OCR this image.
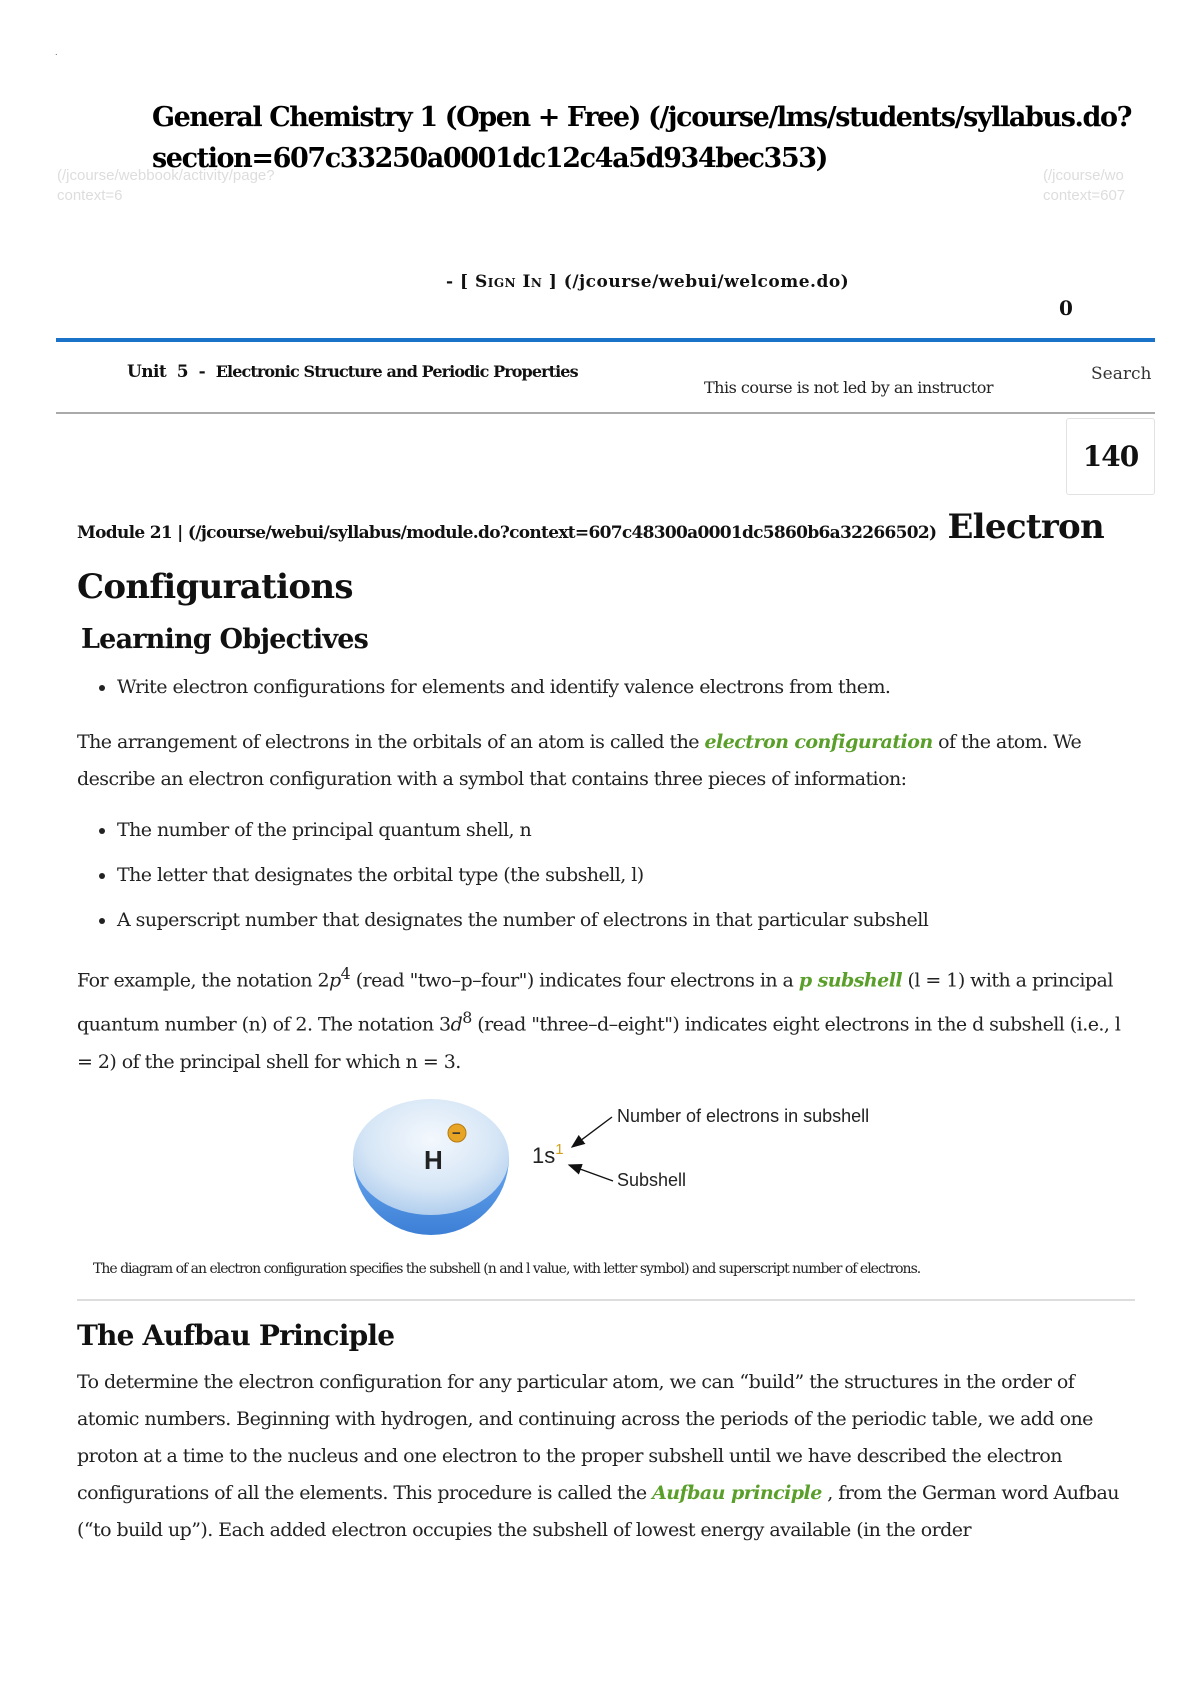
.
(/jcourse/webbook/activity/page?
context=6
(/jcourse/wo
context=607
General Chemistry 1 (Open + Free) (/jcourse/lms/students/syllabus.do?section=607c33250a0001dc12c4a5d934bec353)
- [ Sign In ] (/jcourse/webui/welcome.do)
0
Unit 5 - Electronic Structure and Periodic Properties
This course is not led by an instructor
Search
140
Module 21 | (/jcourse/webui/syllabus/module.do?context=607c48300a0001dc5860b6a32266502) Electron Configurations
Learning Objectives
• Write electron configurations for elements and identify valence electrons from them.

The arrangement of electrons in the orbitals of an atom is called the electron configuration of the atom. We describe an electron configuration with a symbol that contains three pieces of information:

• The number of the principal quantum shell, n
• The letter that designates the orbital type (the subshell, l)
• A superscript number that designates the number of electrons in that particular subshell

For example, the notation $2p^4$ (read "two–p–four") indicates four electrons in a p subshell (l = 1) with a principal quantum number (n) of 2. The notation $3d^8$ (read "three–d–eight") indicates eight electrons in the d subshell (i.e., l = 2) of the principal shell for which n = 3.

H
−
$1s^1$
Number of electrons in subshell
Subshell
The diagram of an electron configuration specifies the subshell (n and l value, with letter symbol) and superscript number of electrons.
The Aufbau Principle

To determine the electron configuration for any particular atom, we can “build” the structures in the order of atomic numbers. Beginning with hydrogen, and continuing across the periods of the periodic table, we add one proton at a time to the nucleus and one electron to the proper subshell until we have described the electron configurations of all the elements. This procedure is called the Aufbau principle , from the German word Aufbau (“to build up”). Each added electron occupies the subshell of lowest energy available (in the order
